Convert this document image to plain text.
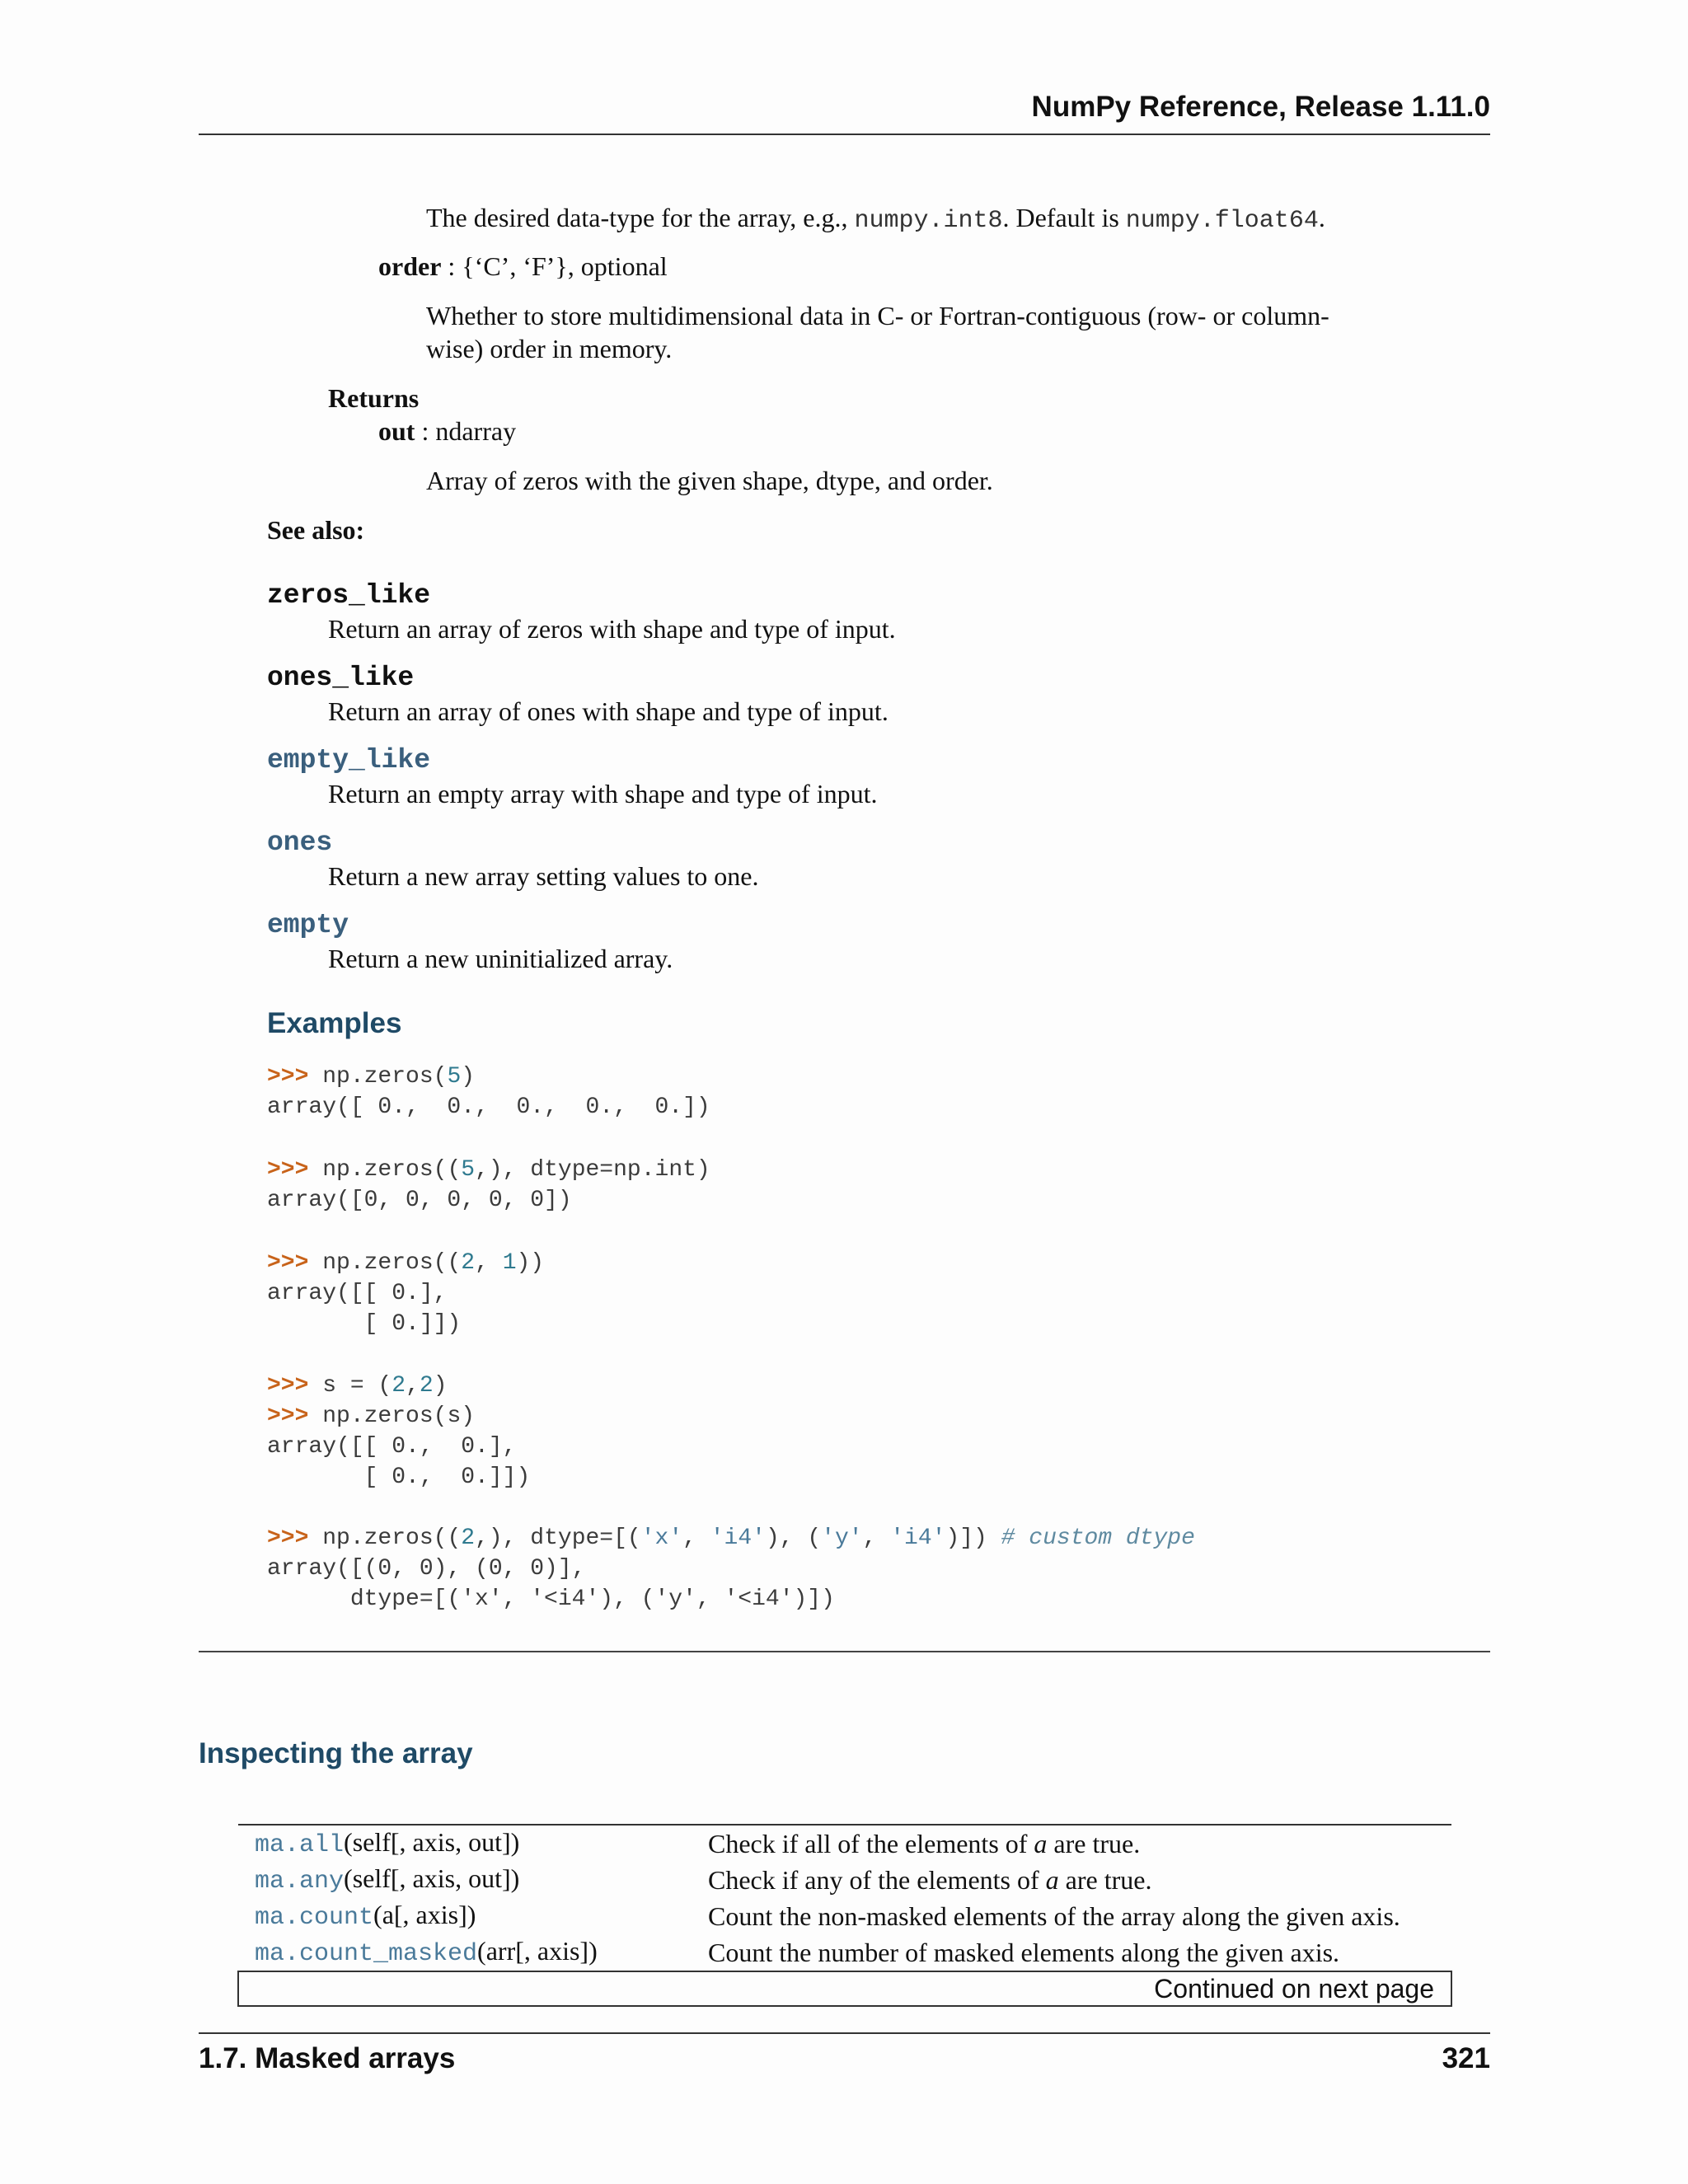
NumPy Reference, Release 1.11.0
The desired data-type for the array, e.g., numpy.int8. Default is numpy.float64.
order : {‘C’, ‘F’}, optional
Whether to store multidimensional data in C- or Fortran-contiguous (row- or column-
wise) order in memory.
Returns
out : ndarray
Array of zeros with the given shape, dtype, and order.
See also:
zeros_like
Return an array of zeros with shape and type of input.
ones_like
Return an array of ones with shape and type of input.
empty_like
Return an empty array with shape and type of input.
ones
Return a new array setting values to one.
empty
Return a new uninitialized array.
Examples
>>> np.zeros(5)
array([ 0.,  0.,  0.,  0.,  0.])
>>> np.zeros((5,), dtype=np.int)
array([0, 0, 0, 0, 0])
>>> np.zeros((2, 1))
array([[ 0.],
[ 0.]])
>>> s = (2,2)
>>> np.zeros(s)
array([[ 0.,  0.],
[ 0.,  0.]])
>>> np.zeros((2,), dtype=[('x', 'i4'), ('y', 'i4')]) # custom dtype
array([(0, 0), (0, 0)],
dtype=[('x', '<i4'), ('y', '<i4')])
Inspecting the array
ma.all(self[, axis, out])	Check if all of the elements of a are true.
ma.any(self[, axis, out])	Check if any of the elements of a are true.
ma.count(a[, axis])	Count the non-masked elements of the array along the given axis.
ma.count_masked(arr[, axis])	Count the number of masked elements along the given axis.
Continued on next page	
1.7. Masked arrays	321
